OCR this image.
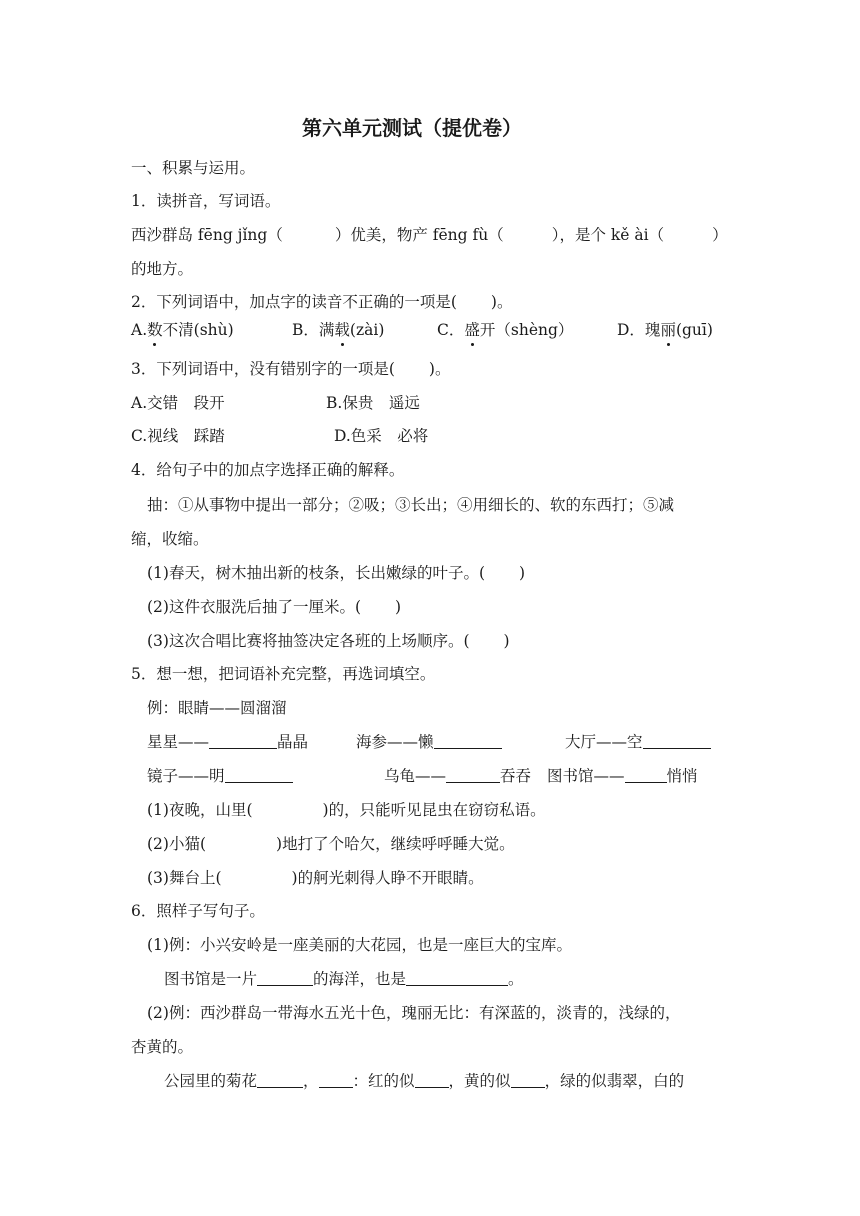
第六单元测试（提优卷）
一、积累与运用。
1．读拼音，写词语。
西沙群岛 fēng jǐng（	）优美，物产 fēng fù（	），是个 kě ài（	）
的地方。
2．下列词语中，加点字的读音不正确的一项是( )。
A.数不清(shù)	B．满载(zài)	C．盛开（shèng）	D．瑰丽(guī)
3．下列词语中，没有错别字的一项是( )。
A.交错　段开	B.保贵　遥远
C.视线　踩踏	D.色采　必将
4．给句子中的加点字选择正确的解释。
抽：①从事物中提出一部分；②吸；③长出；④用细长的、软的东西打；⑤减
缩，收缩。
(1)春天，树木抽出新的枝条，长出嫩绿的叶子。( )
(2)这件衣服洗后抽了一厘米。( )
(3)这次合唱比赛将抽签决定各班的上场顺序。( )
5．想一想，把词语补充完整，再选词填空。
例：眼睛——圆溜溜
星星——	晶晶	海参——懒	大厅——空
镜子——明	乌龟——	吞吞 图书馆——	悄悄
(1)夜晚，山里(	)的，只能听见昆虫在窃窃私语。
(2)小猫(	)地打了个哈欠，继续呼呼睡大觉。
(3)舞台上(	)的舸光刺得人睁不开眼睛。
6．照样子写句子。
(1)例：小兴安岭是一座美丽的大花园，也是一座巨大的宝库。
图书馆是一片	的海洋，也是	。
(2)例：西沙群岛一带海水五光十色，瑰丽无比：有深蓝的，淡青的，浅绿的，
杏黄的。
公园里的菊花	， ：红的似 ，黄的似 ，绿的似翡翠，白的
